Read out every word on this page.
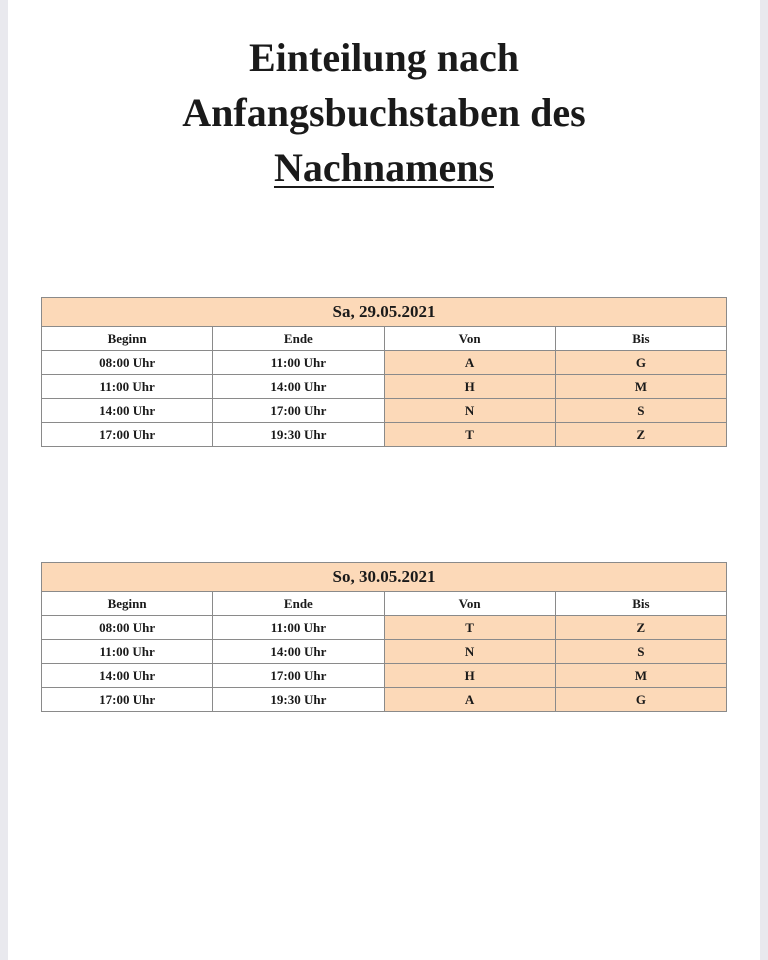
Einteilung nach
Anfangsbuchstaben des
Nachnamens
Sa, 29.05.2021			
Beginn	Ende	Von	Bis
08:00 Uhr	11:00 Uhr	A	G
11:00 Uhr	14:00 Uhr	H	M
14:00 Uhr	17:00 Uhr	N	S
17:00 Uhr	19:30 Uhr	T	Z
So, 30.05.2021			
Beginn	Ende	Von	Bis
08:00 Uhr	11:00 Uhr	T	Z
11:00 Uhr	14:00 Uhr	N	S
14:00 Uhr	17:00 Uhr	H	M
17:00 Uhr	19:30 Uhr	A	G
